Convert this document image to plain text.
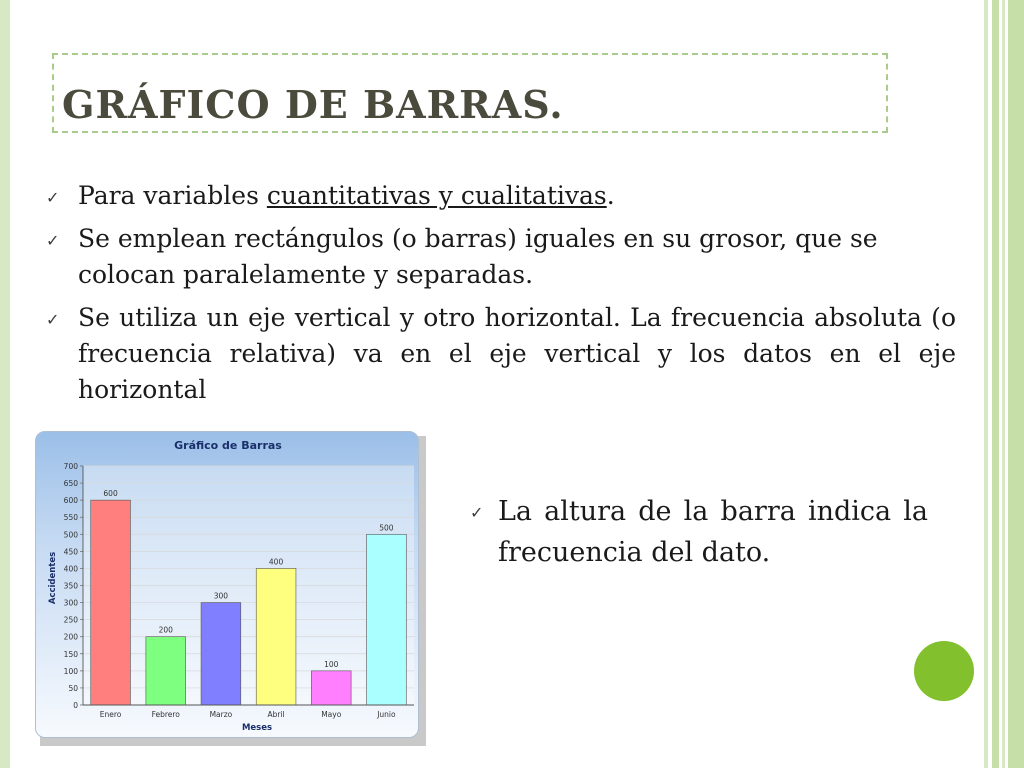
GRÁFICO DE BARRAS.
✓ Para variables cuantitativas y cualitativas.
✓ Se emplean rectángulos (o barras) iguales en su grosor, que se colocan paralelamente y separadas.
✓ Se utiliza un eje vertical y otro horizontal. La frecuencia absoluta (o frecuencia relativa) va en el eje vertical y los datos en el eje horizontal
Gráfico de Barras
Meses
Accidentes
0
50
100
150
200
250
300
350
400
450
500
550
600
650
700
600
Enero
200
Febrero
300
Marzo
400
Abril
100
Mayo
500
Junio
✓ La altura de la barra indica la frecuencia del dato.
